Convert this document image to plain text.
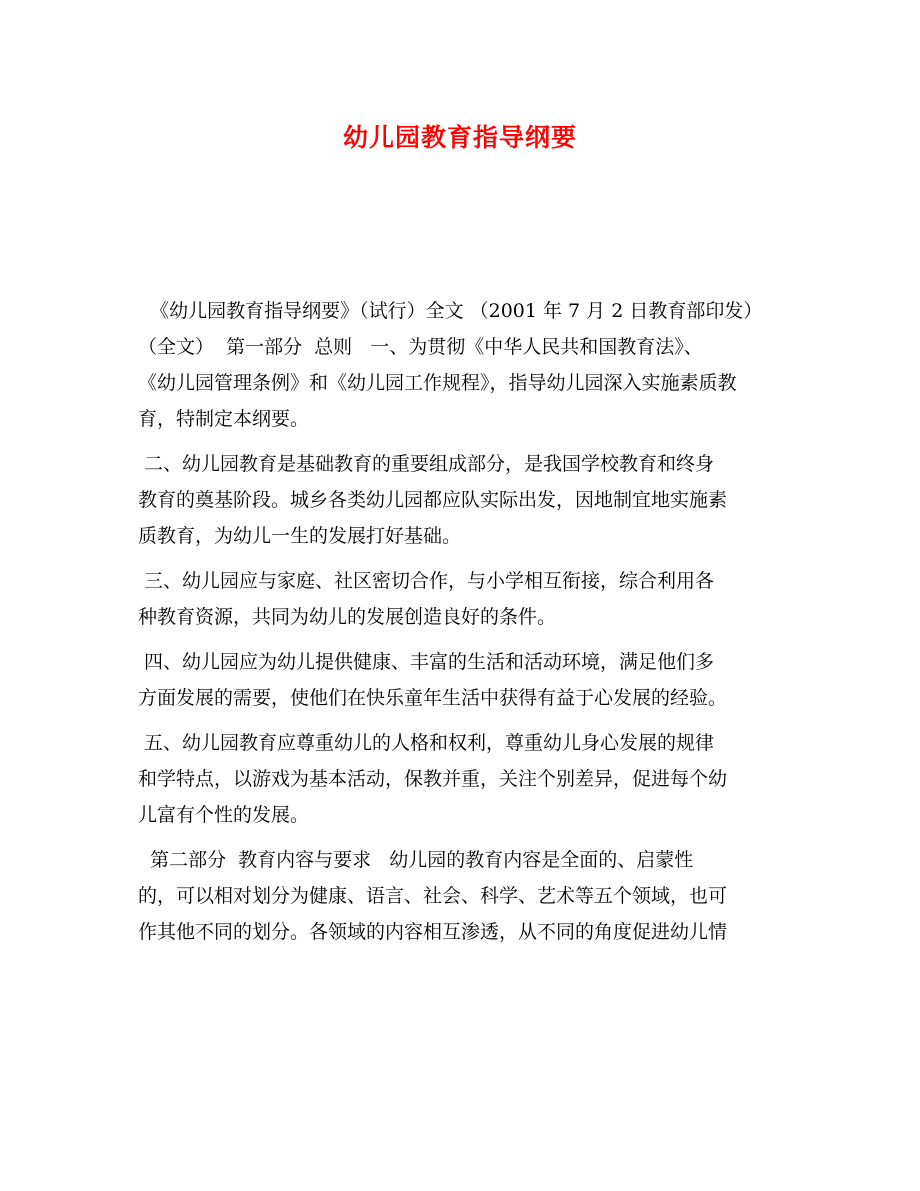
幼儿园教育指导纲要
《幼儿园教育指导纲要》（试行）全文 （2001 年 7 月 2 日教育部印发）
（全文）  第一部分  总则   一、为贯彻《中华人民共和国教育法》、
《幼儿园管理条例》和《幼儿园工作规程》，指导幼儿园深入实施素质教
育，特制定本纲要。
二、幼儿园教育是基础教育的重要组成部分，是我国学校教育和终身
教育的奠基阶段。城乡各类幼儿园都应队实际出发，因地制宜地实施素
质教育，为幼儿一生的发展打好基础。
三、幼儿园应与家庭、社区密切合作，与小学相互衔接，综合利用各
种教育资源，共同为幼儿的发展创造良好的条件。
四、幼儿园应为幼儿提供健康、丰富的生活和活动环境，满足他们多
方面发展的需要，使他们在快乐童年生活中获得有益于心发展的经验。
五、幼儿园教育应尊重幼儿的人格和权利，尊重幼儿身心发展的规律
和学特点，以游戏为基本活动，保教并重，关注个别差异，促进每个幼
儿富有个性的发展。
第二部分  教育内容与要求   幼儿园的教育内容是全面的、启蒙性
的，可以相对划分为健康、语言、社会、科学、艺术等五个领域，也可
作其他不同的划分。各领域的内容相互渗透，从不同的角度促进幼儿情
